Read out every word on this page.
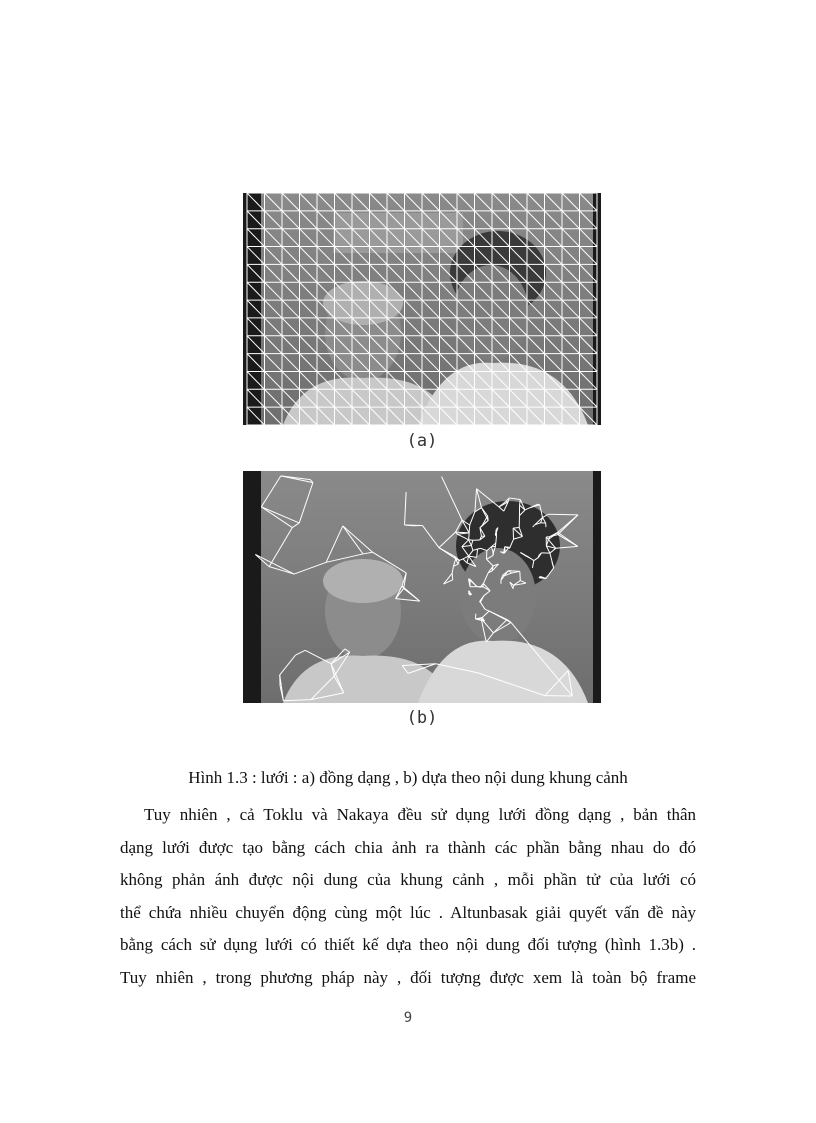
(a)
(b)
Hình 1.3 : lưới : a) đồng dạng , b) dựa theo nội dung khung cảnh
Tuy nhiên , cả Toklu và Nakaya đều sử dụng lưới đồng dạng , bản thân
dạng lưới được tạo bằng cách chia ảnh ra thành các phần bằng nhau do đó
không phản ánh được nội dung của khung cảnh , mỗi phần tử của lưới có
thể chứa nhiều chuyển động cùng một lúc . Altunbasak giải quyết vấn đề này
bằng cách sử dụng lưới có thiết kế dựa theo nội dung đối tượng (hình 1.3b) .
Tuy nhiên , trong phương pháp này , đối tượng được xem là toàn bộ frame
9
